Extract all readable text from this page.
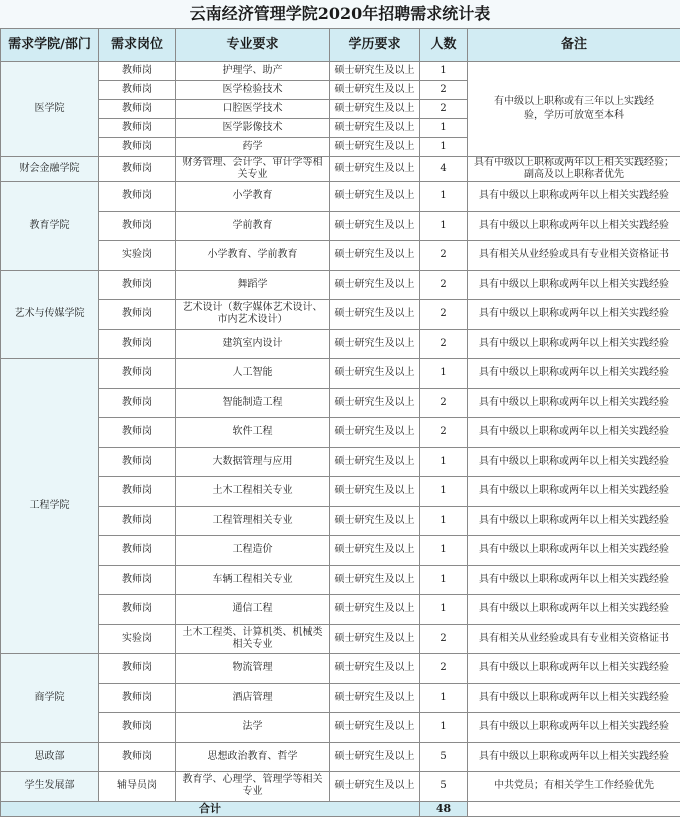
云南经济管理学院2020年招聘需求统计表
需求学院/部门	需求岗位	专业要求	学历要求	人数	备注
医学院	教师岗	护理学、助产	硕士研究生及以上	1	有中级以上职称或有三年以上实践经验，学历可放宽至本科
	教师岗	医学检验技术	硕士研究生及以上	2	
	教师岗	口腔医学技术	硕士研究生及以上	2	
	教师岗	医学影像技术	硕士研究生及以上	1	
	教师岗	药学	硕士研究生及以上	1	
财会金融学院	教师岗	财务管理、会计学、审计学等相关专业	硕士研究生及以上	4	具有中级以上职称或两年以上相关实践经验；副高及以上职称者优先
教育学院	教师岗	小学教育	硕士研究生及以上	1	具有中级以上职称或两年以上相关实践经验
	教师岗	学前教育	硕士研究生及以上	1	具有中级以上职称或两年以上相关实践经验
	实验岗	小学教育、学前教育	硕士研究生及以上	2	具有相关从业经验或具有专业相关资格证书
艺术与传媒学院	教师岗	舞蹈学	硕士研究生及以上	2	具有中级以上职称或两年以上相关实践经验
	教师岗	艺术设计（数字媒体艺术设计、市内艺术设计）	硕士研究生及以上	2	具有中级以上职称或两年以上相关实践经验
	教师岗	建筑室内设计	硕士研究生及以上	2	具有中级以上职称或两年以上相关实践经验
工程学院	教师岗	人工智能	硕士研究生及以上	1	具有中级以上职称或两年以上相关实践经验
	教师岗	智能制造工程	硕士研究生及以上	2	具有中级以上职称或两年以上相关实践经验
	教师岗	软件工程	硕士研究生及以上	2	具有中级以上职称或两年以上相关实践经验
	教师岗	大数据管理与应用	硕士研究生及以上	1	具有中级以上职称或两年以上相关实践经验
	教师岗	土木工程相关专业	硕士研究生及以上	1	具有中级以上职称或两年以上相关实践经验
	教师岗	工程管理相关专业	硕士研究生及以上	1	具有中级以上职称或两年以上相关实践经验
	教师岗	工程造价	硕士研究生及以上	1	具有中级以上职称或两年以上相关实践经验
	教师岗	车辆工程相关专业	硕士研究生及以上	1	具有中级以上职称或两年以上相关实践经验
	教师岗	通信工程	硕士研究生及以上	1	具有中级以上职称或两年以上相关实践经验
	实验岗	土木工程类、计算机类、机械类相关专业	硕士研究生及以上	2	具有相关从业经验或具有专业相关资格证书
商学院	教师岗	物流管理	硕士研究生及以上	2	具有中级以上职称或两年以上相关实践经验
	教师岗	酒店管理	硕士研究生及以上	1	具有中级以上职称或两年以上相关实践经验
	教师岗	法学	硕士研究生及以上	1	具有中级以上职称或两年以上相关实践经验
思政部	教师岗	思想政治教育、哲学	硕士研究生及以上	5	具有中级以上职称或两年以上相关实践经验
学生发展部	辅导员岗	教育学、心理学、管理学等相关专业	硕士研究生及以上	5	中共党员；有相关学生工作经验优先
合计				48	
